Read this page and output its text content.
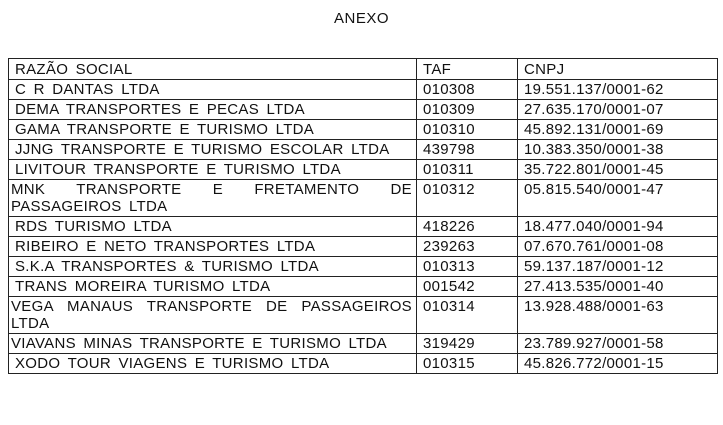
ANEXO
RAZÃO SOCIAL	TAF	CNPJ
C R DANTAS LTDA	010308	19.551.137/0001-62
DEMA TRANSPORTES E PECAS LTDA	010309	27.635.170/0001-07
GAMA TRANSPORTE E TURISMO LTDA	010310	45.892.131/0001-69
JJNG TRANSPORTE E TURISMO ESCOLAR LTDA	439798	10.383.350/0001-38
LIVITOUR TRANSPORTE E TURISMO LTDA	010311	35.722.801/0001-45
MNK TRANSPORTE E FRETAMENTO DE PASSAGEIROS LTDA	010312	05.815.540/0001-47
RDS TURISMO LTDA	418226	18.477.040/0001-94
RIBEIRO E NETO TRANSPORTES LTDA	239263	07.670.761/0001-08
S.K.A TRANSPORTES & TURISMO LTDA	010313	59.137.187/0001-12
TRANS MOREIRA TURISMO LTDA	001542	27.413.535/0001-40
VEGA MANAUS TRANSPORTE DE PASSAGEIROS LTDA	010314	13.928.488/0001-63
VIAVANS MINAS TRANSPORTE E TURISMO LTDA	319429	23.789.927/0001-58
XODO TOUR VIAGENS E TURISMO LTDA	010315	45.826.772/0001-15
